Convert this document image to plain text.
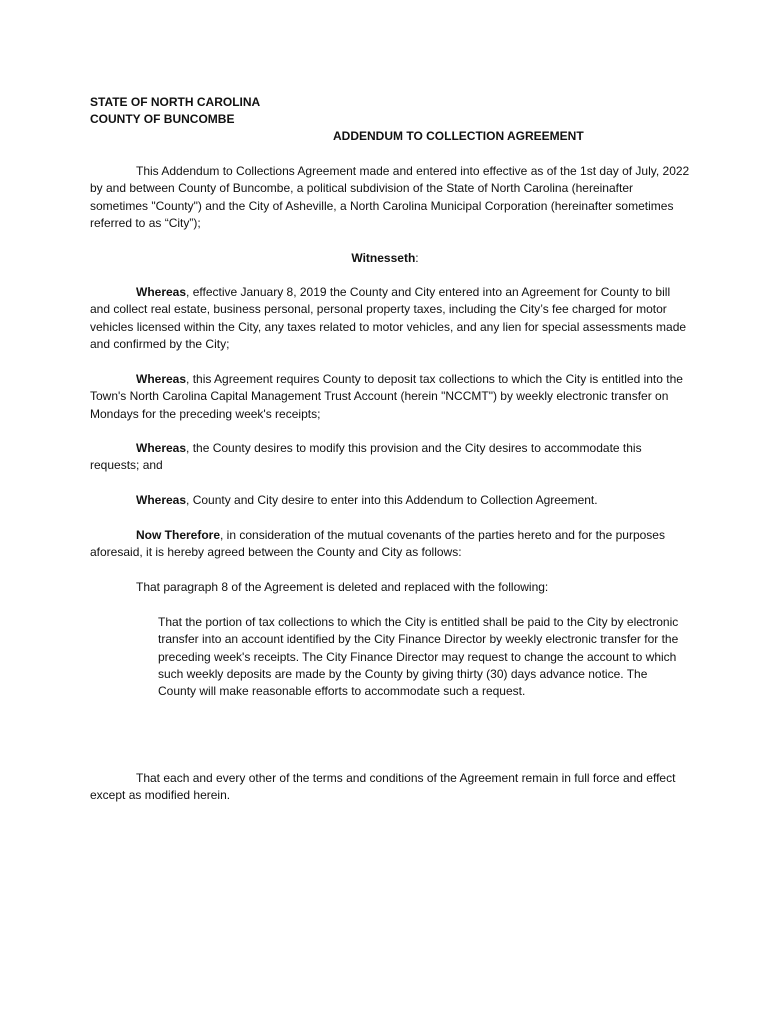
STATE OF NORTH CAROLINA
COUNTY OF BUNCOMBE
ADDENDUM TO COLLECTION AGREEMENT

This Addendum to Collections Agreement made and entered into effective as of the 1st day of July, 2022 by and between County of Buncombe, a political subdivision of the State of North Carolina (hereinafter sometimes "County") and the City of Asheville, a North Carolina Municipal Corporation (hereinafter sometimes referred to as “City”);

Witnesseth:

Whereas, effective January 8, 2019 the County and City entered into an Agreement for County to bill and collect real estate, business personal, personal property taxes, including the City’s fee charged for motor vehicles licensed within the City, any taxes related to motor vehicles, and any lien for special assessments made and confirmed by the City;

Whereas, this Agreement requires County to deposit tax collections to which the City is entitled into the Town's North Carolina Capital Management Trust Account (herein "NCCMT") by weekly electronic transfer on Mondays for the preceding week's receipts;

Whereas, the County desires to modify this provision and the City desires to accommodate this requests; and

Whereas, County and City desire to enter into this Addendum to Collection Agreement.

Now Therefore, in consideration of the mutual covenants of the parties hereto and for the purposes aforesaid, it is hereby agreed between the County and City as follows:

That paragraph 8 of the Agreement is deleted and replaced with the following:

That the portion of tax collections to which the City is entitled shall be paid to the City by electronic transfer into an account identified by the City Finance Director by weekly electronic transfer for the preceding week's receipts. The City Finance Director may request to change the account to which such weekly deposits are made by the County by giving thirty (30) days advance notice. The County will make reasonable efforts to accommodate such a request.

That each and every other of the terms and conditions of the Agreement remain in full force and effect except as modified herein.
